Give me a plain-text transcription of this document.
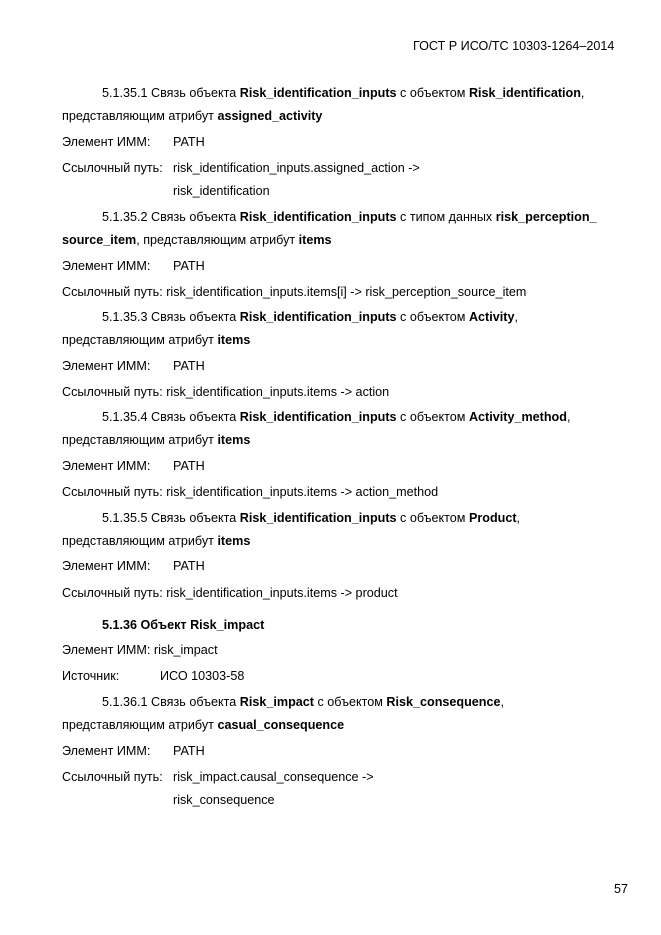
ГОСТ Р ИСО/ТС 10303-1264–2014
5.1.35.1 Связь объекта Risk_identification_inputs с объектом Risk_identification,
представляющим атрибут assigned_activity
Элемент ИММ: PATH
Ссылочный путь: risk_identification_inputs.assigned_action ->
risk_identification
5.1.35.2 Связь объекта Risk_identification_inputs с типом данных risk_perception_
source_item, представляющим атрибут items
Элемент ИММ: PATH
Ссылочный путь: risk_identification_inputs.items[i] -> risk_perception_source_item
5.1.35.3 Связь объекта Risk_identification_inputs с объектом Activity,
представляющим атрибут items
Элемент ИММ: PATH
Ссылочный путь: risk_identification_inputs.items -> action
5.1.35.4 Связь объекта Risk_identification_inputs с объектом Activity_method,
представляющим атрибут items
Элемент ИММ: PATH
Ссылочный путь: risk_identification_inputs.items -> action_method
5.1.35.5 Связь объекта Risk_identification_inputs с объектом Product,
представляющим атрибут items
Элемент ИММ: PATH
Ссылочный путь: risk_identification_inputs.items -> product
5.1.36 Объект Risk_impact
Элемент ИММ: risk_impact
Источник:	ИСО 10303-58
5.1.36.1 Связь объекта Risk_impact с объектом Risk_consequence,
представляющим атрибут casual_consequence
Элемент ИММ: PATH
Ссылочный путь: risk_impact.causal_consequence ->
risk_consequence
57
